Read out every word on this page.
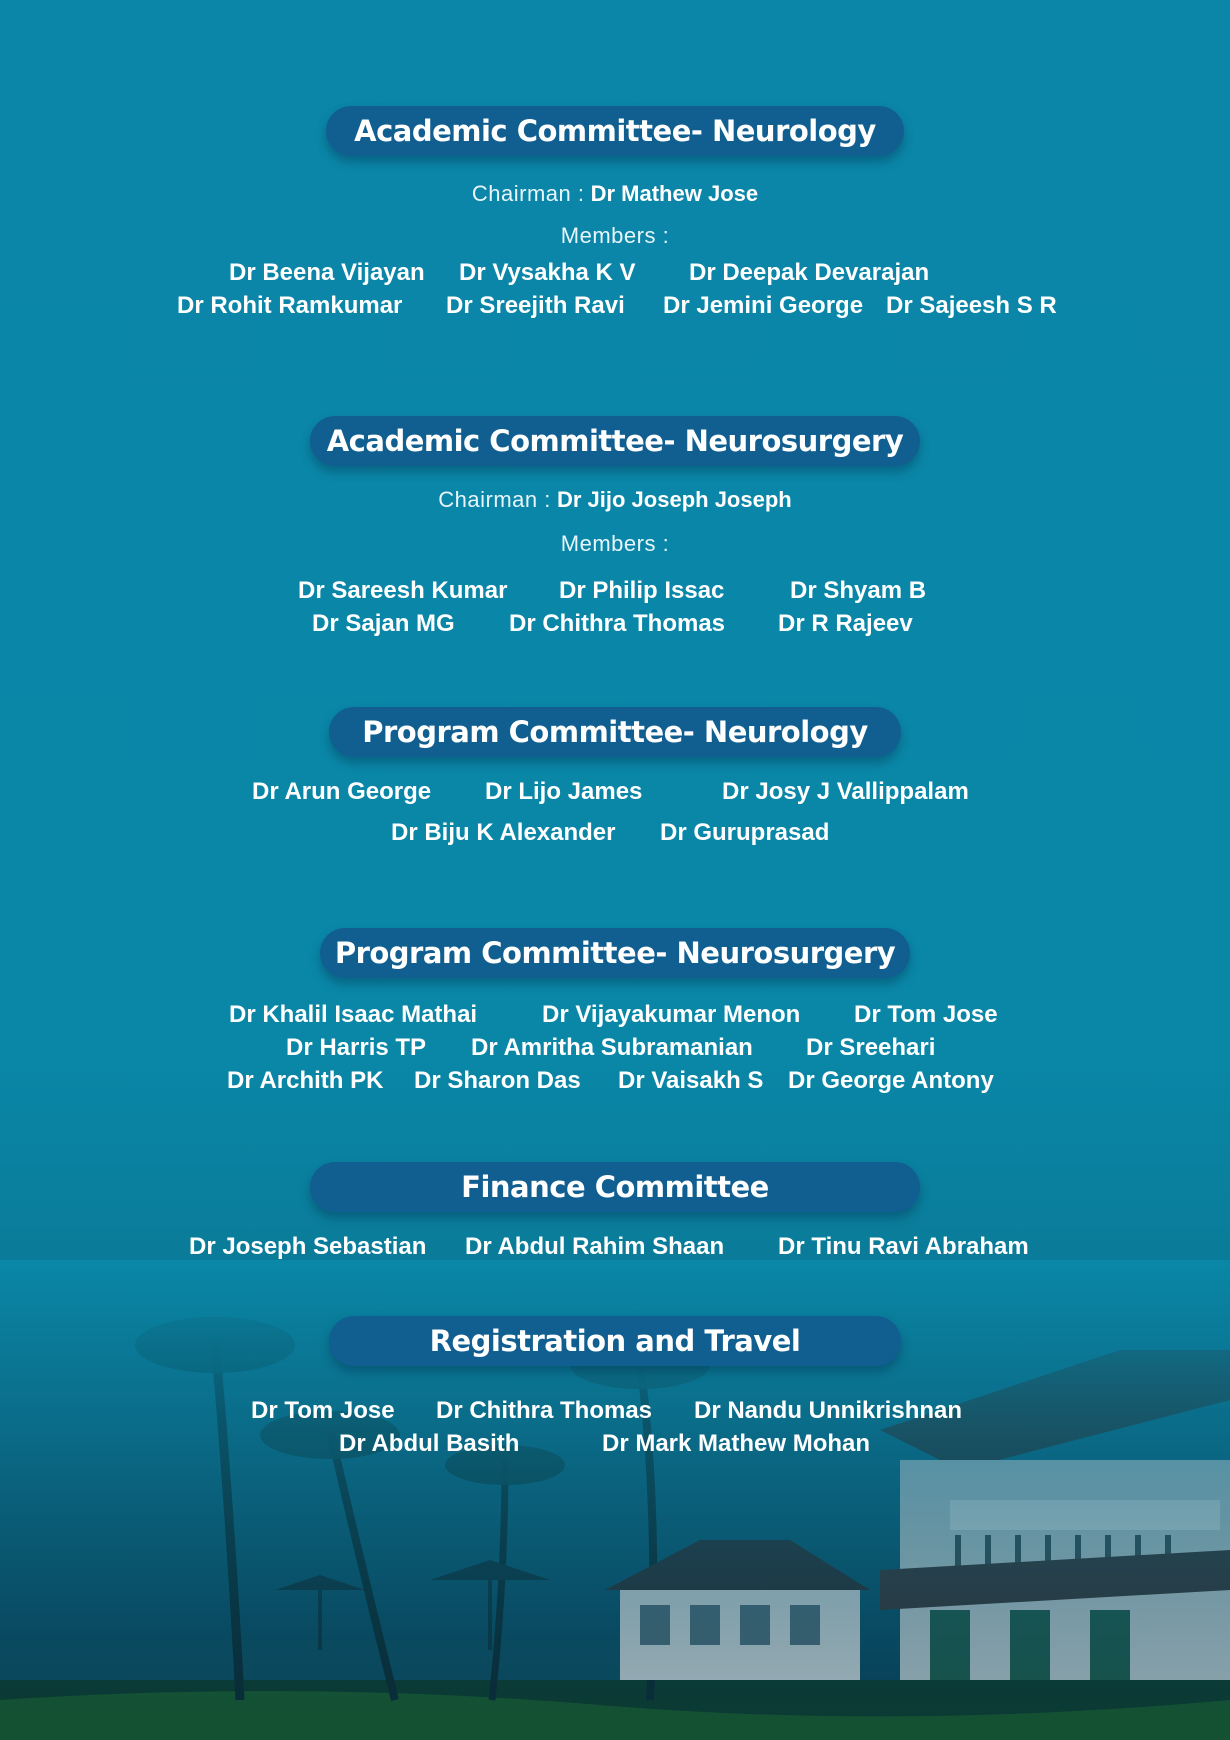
Academic Committee- Neurology
Chairman : Dr Mathew Jose
Members :
Dr Beena Vijayan Dr Vysakha K V Dr Deepak Devarajan
Dr Rohit Ramkumar Dr Sreejith Ravi Dr Jemini George Dr Sajeesh S R
Academic Committee- Neurosurgery
Chairman : Dr Jijo Joseph Joseph
Members :
Dr Sareesh Kumar Dr Philip Issac	Dr Shyam B
Dr Sajan MG Dr Chithra Thomas Dr R Rajeev
Program Committee- Neurology
Dr Arun George Dr Lijo James	Dr Josy J Vallippalam
Dr Biju K Alexander Dr Guruprasad
Program Committee- Neurosurgery
Dr Khalil Isaac Mathai	Dr Vijayakumar Menon Dr Tom Jose
Dr Harris TP Dr Amritha Subramanian Dr Sreehari
Dr Archith PK Dr Sharon Das Dr Vaisakh S Dr George Antony
Finance Committee
Dr Joseph Sebastian Dr Abdul Rahim Shaan Dr Tinu Ravi Abraham
Registration and Travel
Dr Tom Jose Dr Chithra Thomas Dr Nandu Unnikrishnan
Dr Abdul Basith	Dr Mark Mathew Mohan
